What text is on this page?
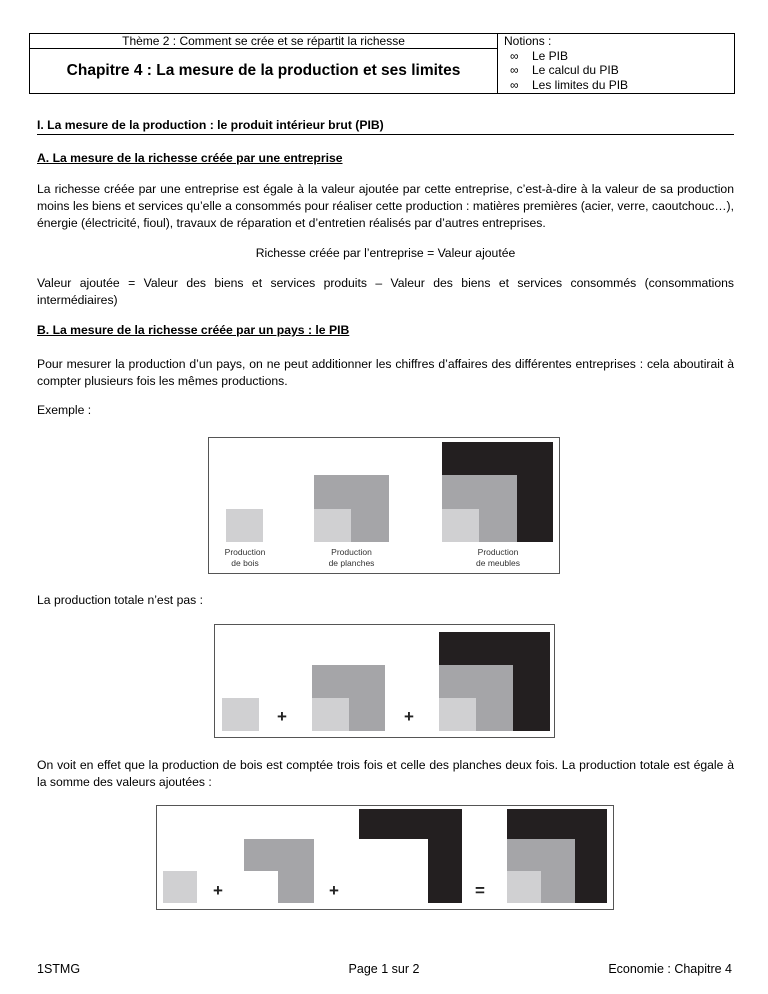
Thème 2 : Comment se crée et se répartit la richesse	Notions :
∞ Le PIB
∞ Le calcul du PIB
∞ Les limites du PIB

Chapitre 4 : La mesure de la production et ses limites
I. La mesure de la production : le produit intérieur brut (PIB)
A. La mesure de la richesse créée par une entreprise
La richesse créée par une entreprise est égale à la valeur ajoutée par cette entreprise, c’est-à-dire à la valeur de sa production moins les biens et services qu’elle a consommés pour réaliser cette production : matières premières (acier, verre, caoutchouc…), énergie (électricité, fioul), travaux de réparation et d’entretien réalisés par d’autres entreprises.
Richesse créée par l’entreprise = Valeur ajoutée
Valeur ajoutée = Valeur des biens et services produits – Valeur des biens et services consommés (consommations intermédiaires)
B. La mesure de la richesse créée par un pays : le PIB
Pour mesurer la production d’un pays, on ne peut additionner les chiffres d’affaires des différentes entreprises : cela aboutirait à compter plusieurs fois les mêmes productions.
Exemple :
Production
de bois
Production
de planches
Production
de meubles
La production totale n’est pas :
+	+
On voit en effet que la production de bois est comptée trois fois et celle des planches deux fois. La production totale est égale à la somme des valeurs ajoutées :
+	+	=
1STMG	Page 1 sur 2	Economie : Chapitre 4
